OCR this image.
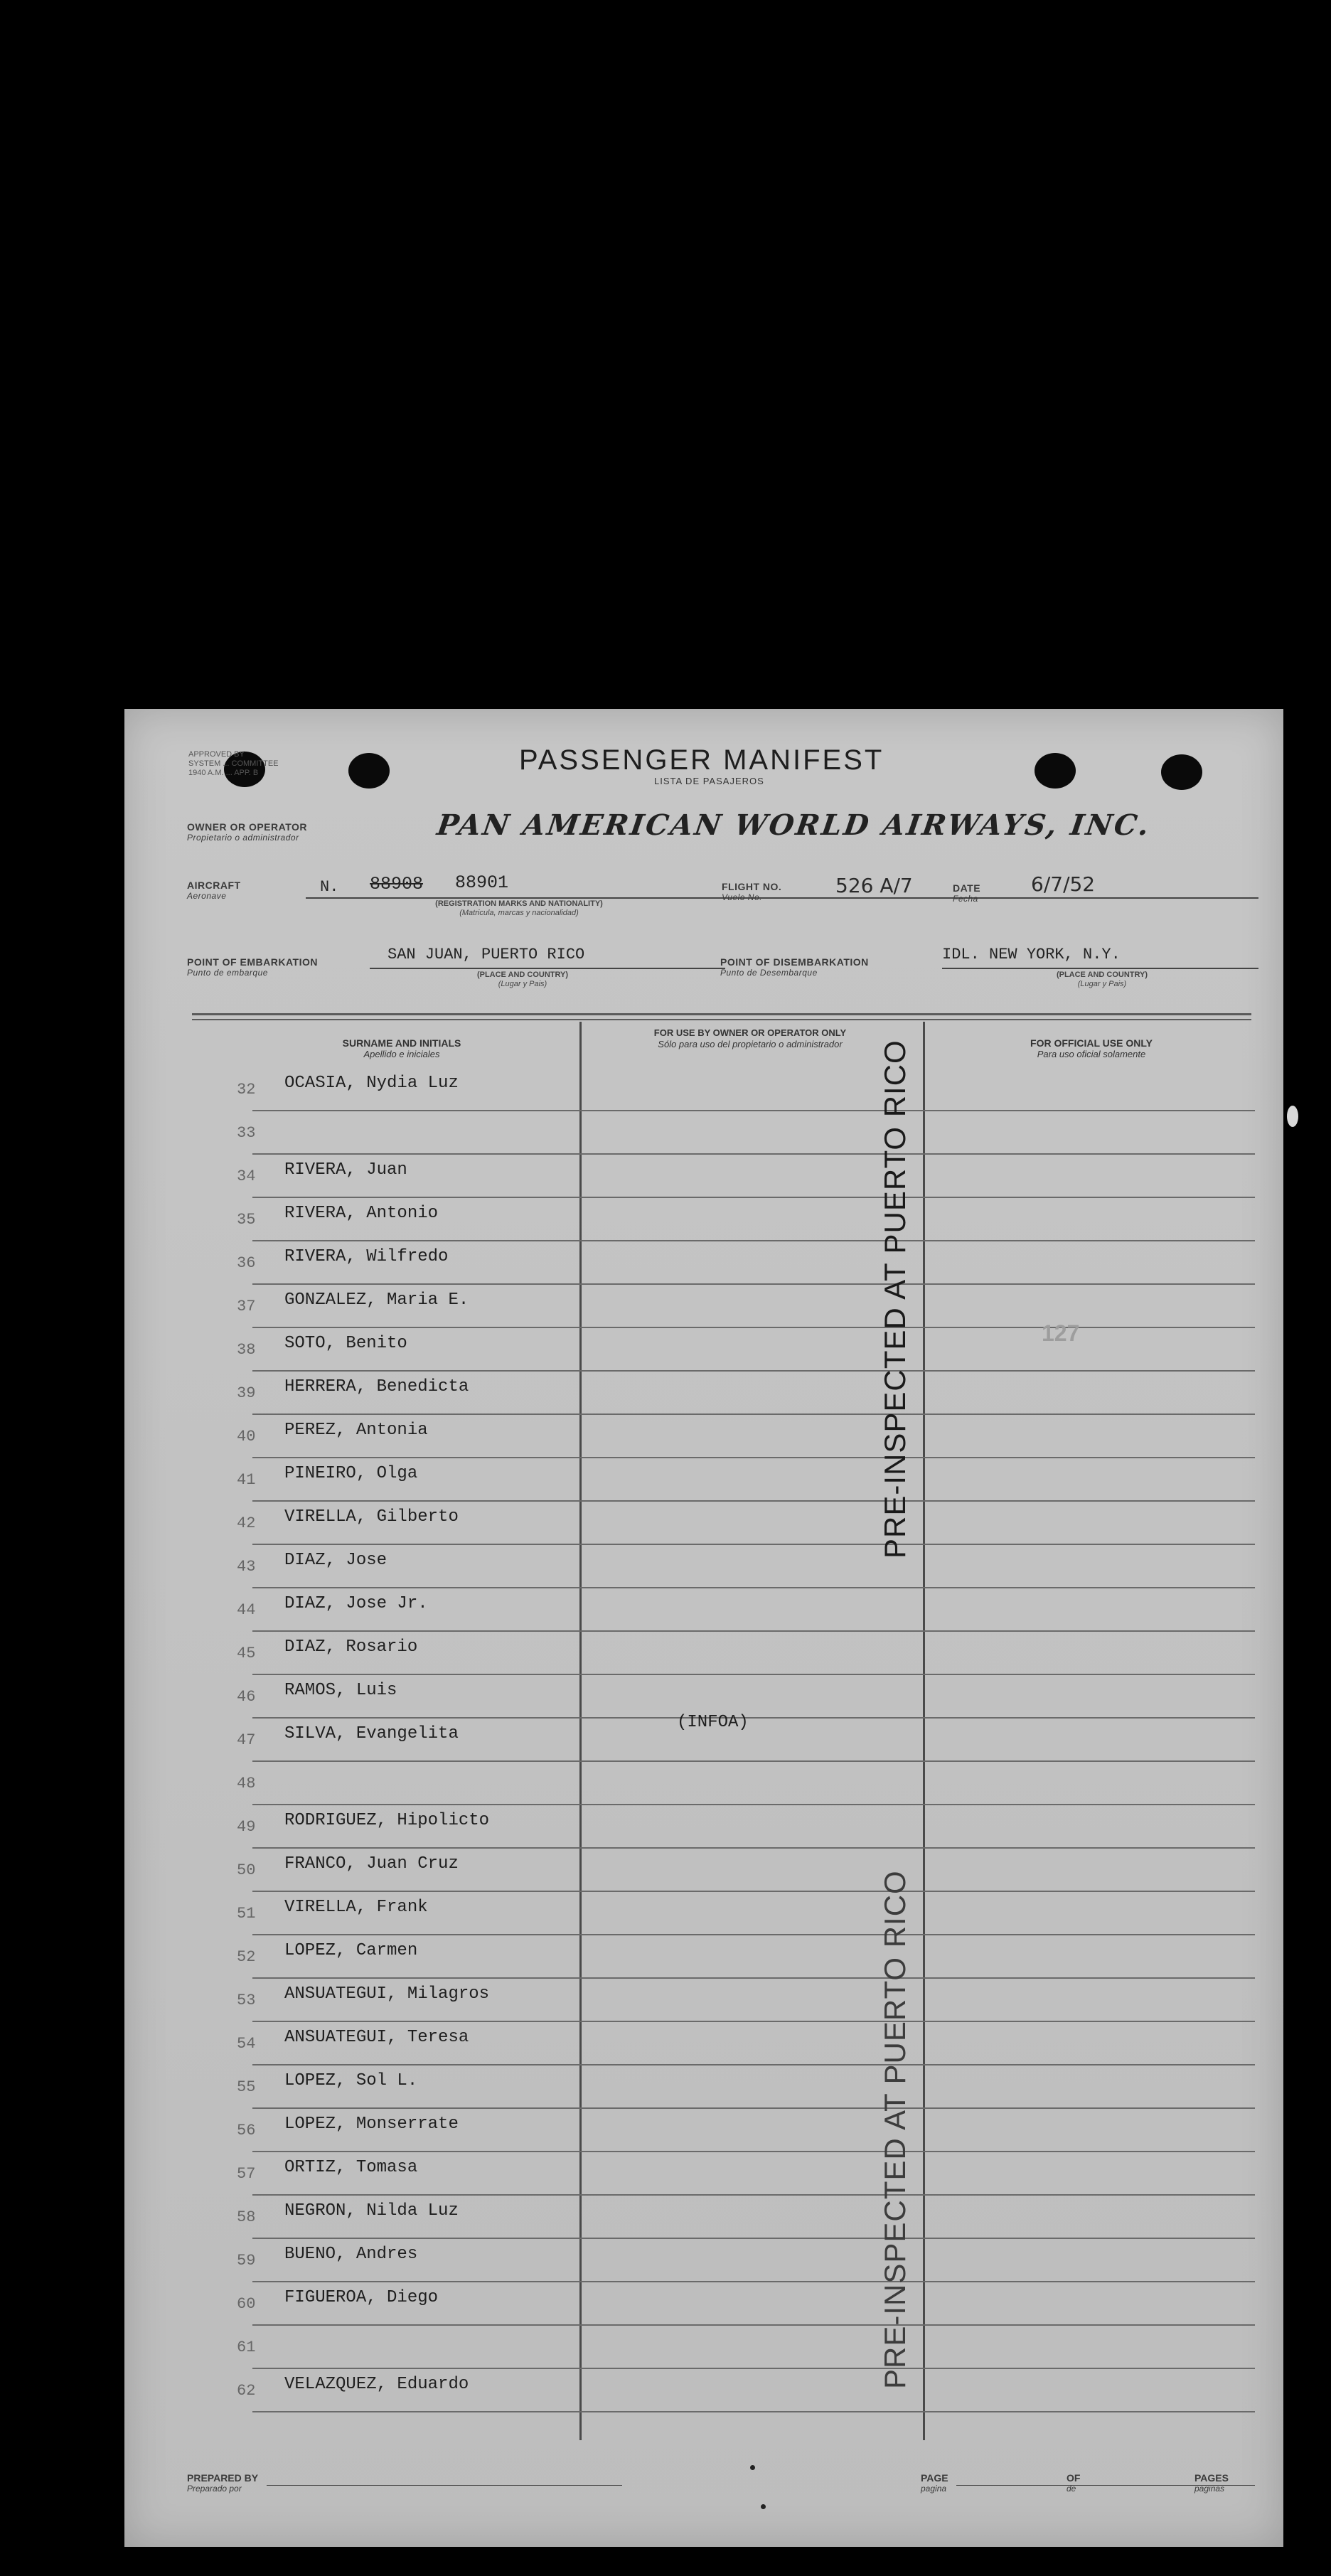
APPROVED BY
SYSTEM ... COMMITTEE
1940 A.M. ... APP. B	PASSENGER MANIFEST
LISTA DE PASAJEROS
OWNER OR OPERATOR
Propietario o administrador	PAN AMERICAN WORLD AIRWAYS, INC.
AIRCRAFT
Aeronave	N. 88908 88901
(REGISTRATION MARKS AND NATIONALITY)
(Matricula, marcas y nacionalidad)
FLIGHT NO.
Vuelo No.	526 A/7	DATE
Fecha
6/7/52
POINT OF EMBARKATION
Punto de embarque
SAN JUAN, PUERTO RICO
(PLACE AND COUNTRY)
(Lugar y Pais)
POINT OF DISEMBARKATION
Punto de Desembarque
IDL. NEW YORK, N.Y.
(PLACE AND COUNTRY)
(Lugar y Pais)
SURNAME AND INITIALS
Apellido e iniciales
FOR USE BY OWNER OR OPERATOR ONLY
Sólo para uso del propietario o administrador	FOR OFFICIAL USE ONLY
Para uso oficial solamente
32 OCASIA, Nydia Luz
33
34 RIVERA, Juan
35 RIVERA, Antonio
36 RIVERA, Wilfredo
37 GONZALEZ, Maria E.
38 SOTO, Benito
39 HERRERA, Benedicta
40 PEREZ, Antonia
41 PINEIRO, Olga
42 VIRELLA, Gilberto
43 DIAZ, Jose
44 DIAZ, Jose Jr.
45 DIAZ, Rosario
46 RAMOS, Luis
47 SILVA, Evangelita
48
49 RODRIGUEZ, Hipolicto
50 FRANCO, Juan Cruz
51 VIRELLA, Frank
52 LOPEZ, Carmen
53 ANSUATEGUI, Milagros
54 ANSUATEGUI, Teresa
55 LOPEZ, Sol L.
56 LOPEZ, Monserrate
57 ORTIZ, Tomasa
58 NEGRON, Nilda Luz
59 BUENO, Andres
60 FIGUEROA, Diego
61
62 VELAZQUEZ, Eduardo
PRE-INSPECTED AT PUERTO RICO
PRE-INSPECTED AT PUERTO RICO
127
(INFOA)
PREPARED BY
Preparado por
PAGE
pagina
OF
de
PAGES
paginas
